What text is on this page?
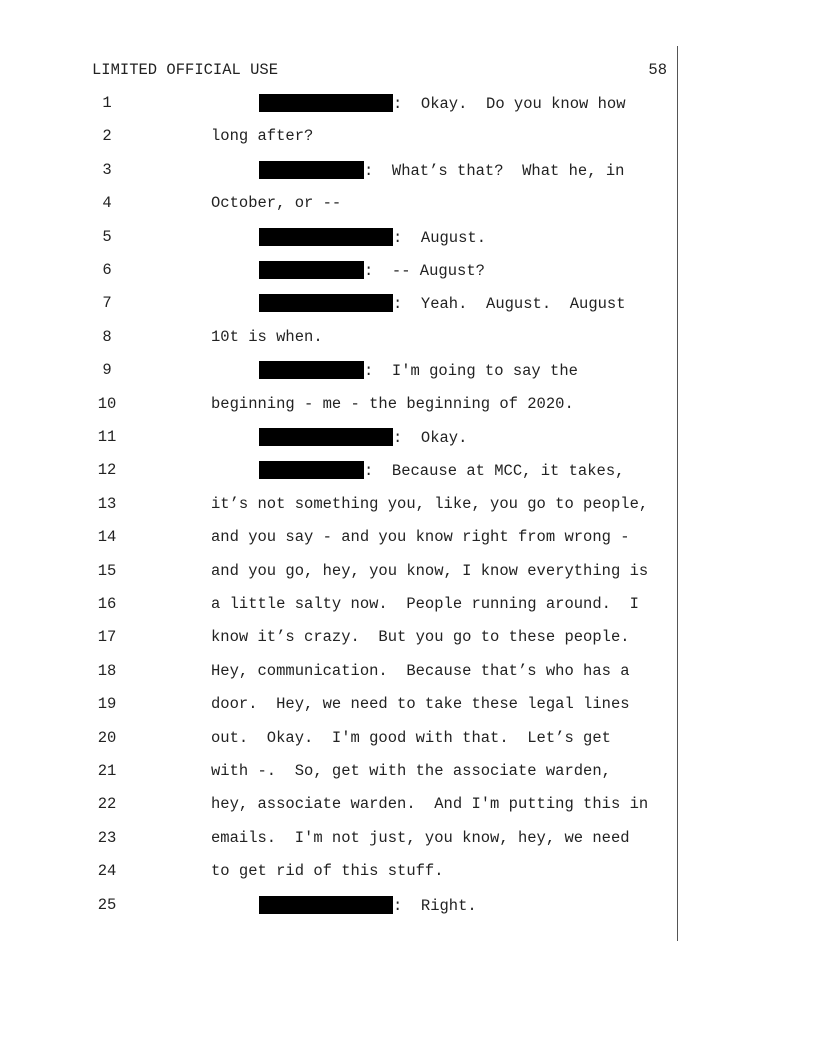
LIMITED OFFICIAL USE	58
1	:  Okay.  Do you know how
2	long after?
3	:  What’s that?  What he, in
4	October, or --
5	:  August.
6	:  -- August?
7	:  Yeah.  August.  August
8	10t is when.
9	:  I'm going to say the
10	beginning - me - the beginning of 2020.
11	:  Okay.
12	:  Because at MCC, it takes,
13	it’s not something you, like, you go to people,
14	and you say - and you know right from wrong -
15	and you go, hey, you know, I know everything is
16	a little salty now.  People running around.  I
17	know it’s crazy.  But you go to these people.
18	Hey, communication.  Because that’s who has a
19	door.  Hey, we need to take these legal lines
20	out.  Okay.  I'm good with that.  Let’s get
21	with -.  So, get with the associate warden,
22	hey, associate warden.  And I'm putting this in
23	emails.  I'm not just, you know, hey, we need
24	to get rid of this stuff.
25	:  Right.
